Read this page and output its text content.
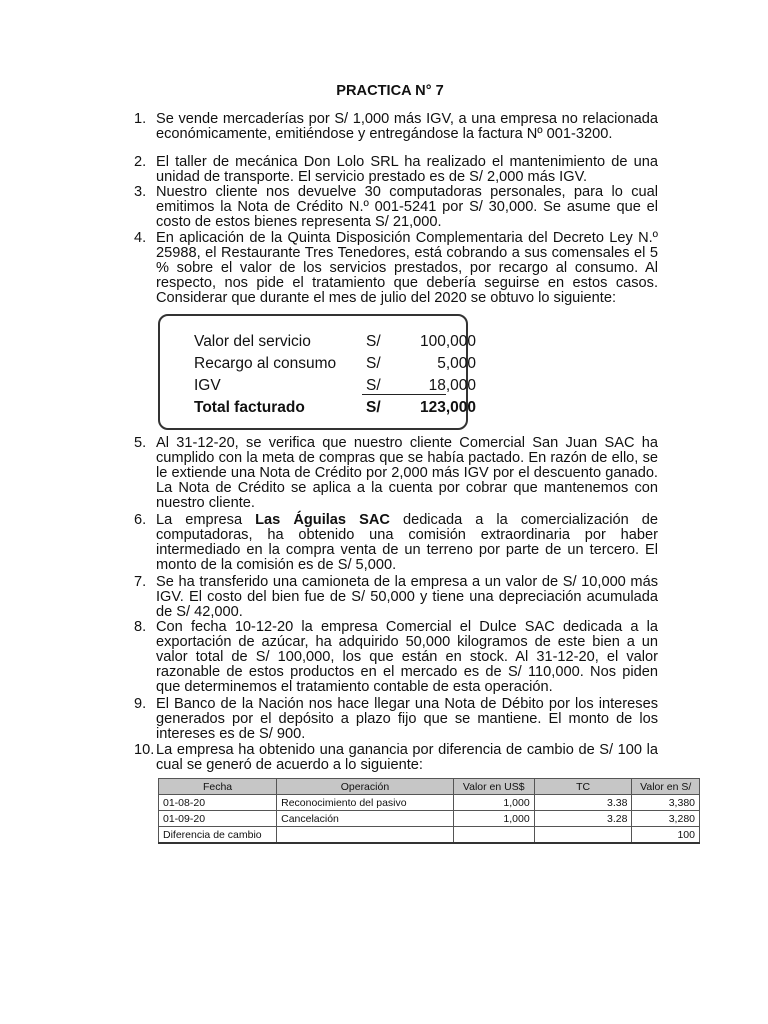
PRACTICA N° 7
1. Se vende mercaderías por S/ 1,000 más IGV, a una empresa no relacionada económicamente, emitiéndose y entregándose la factura Nº 001-3200.
2. El taller de mecánica Don Lolo SRL ha realizado el mantenimiento de una unidad de transporte. El servicio prestado es de S/ 2,000 más IGV.
3. Nuestro cliente nos devuelve 30 computadoras personales, para lo cual emitimos la Nota de Crédito N.º 001-5241 por S/ 30,000. Se asume que el costo de estos bienes representa S/ 21,000.
4. En aplicación de la Quinta Disposición Complementaria del Decreto Ley N.º 25988, el Restaurante Tres Tenedores, está cobrando a sus comensales el 5 % sobre el valor de los servicios prestados, por recargo al consumo. Al respecto, nos pide el tratamiento que debería seguirse en estos casos. Considerar que durante el mes de julio del 2020 se obtuvo lo siguiente:
Valor del servicio	S/	100,000
Recargo al consumo S/	5,000
IGV	S/	18,000
Total facturado	S/	123,000
5. Al 31-12-20, se verifica que nuestro cliente Comercial San Juan SAC ha cumplido con la meta de compras que se había pactado. En razón de ello, se le extiende una Nota de Crédito por 2,000 más IGV por el descuento ganado. La Nota de Crédito se aplica a la cuenta por cobrar que mantenemos con nuestro cliente.
6. La empresa Las Águilas SAC dedicada a la comercialización de computadoras, ha obtenido una comisión extraordinaria por haber intermediado en la compra venta de un terreno por parte de un tercero. El monto de la comisión es de S/ 5,000.
7. Se ha transferido una camioneta de la empresa a un valor de S/ 10,000 más IGV. El costo del bien fue de S/ 50,000 y tiene una depreciación acumulada de S/ 42,000.
8. Con fecha 10-12-20 la empresa Comercial el Dulce SAC dedicada a la exportación de azúcar, ha adquirido 50,000 kilogramos de este bien a un valor total de S/ 100,000, los que están en stock. Al 31-12-20, el valor razonable de estos productos en el mercado es de S/ 110,000. Nos piden que determinemos el tratamiento contable de esta operación.
9. El Banco de la Nación nos hace llegar una Nota de Débito por los intereses generados por el depósito a plazo fijo que se mantiene. El monto de los intereses es de S/ 900.
10. La empresa ha obtenido una ganancia por diferencia de cambio de S/ 100 la cual se generó de acuerdo a lo siguiente:
Fecha	Operación	Valor en US$	TC	Valor en S/
01-08-20	Reconocimiento del pasivo	1,000	3.38	3,380
01-09-20	Cancelación	1,000	3.28	3,280
Diferencia de cambio				100
